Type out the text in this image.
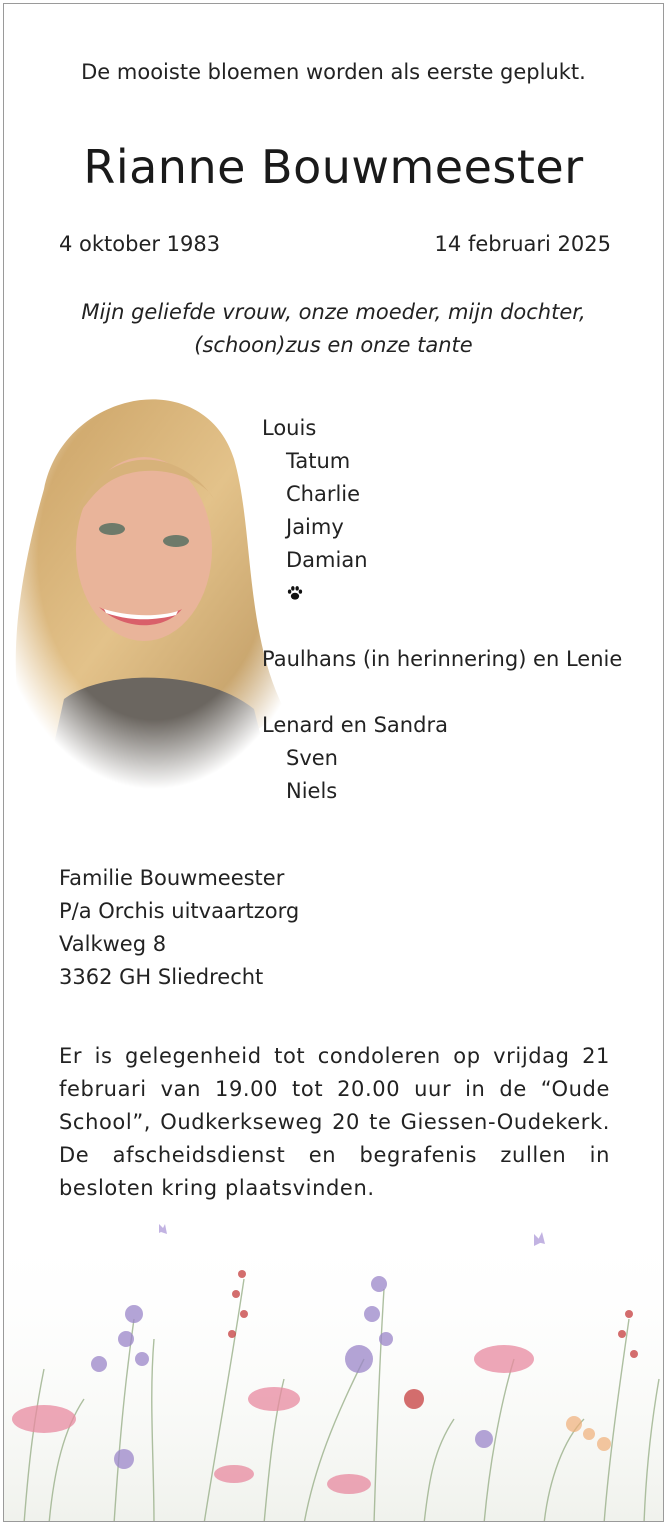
De mooiste bloemen worden als eerste geplukt.
Rianne Bouwmeester
4 oktober 1983	14 februari 2025
Mijn geliefde vrouw, onze moeder, mijn dochter,
(schoon)zus en onze tante
Louis
Tatum
Charlie
Jaimy
Damian
Paulhans (in herinnering) en Lenie
Lenard en Sandra
Sven
Niels
Familie Bouwmeester
P/a Orchis uitvaartzorg
Valkweg 8
3362 GH Sliedrecht
Er is gelegenheid tot condoleren op vrijdag 21 februari van 19.00 tot 20.00 uur in de “Oude School”, Oudkerkseweg 20 te Giessen-Oudekerk. De afscheidsdienst en begrafenis zullen in besloten kring plaatsvinden.
